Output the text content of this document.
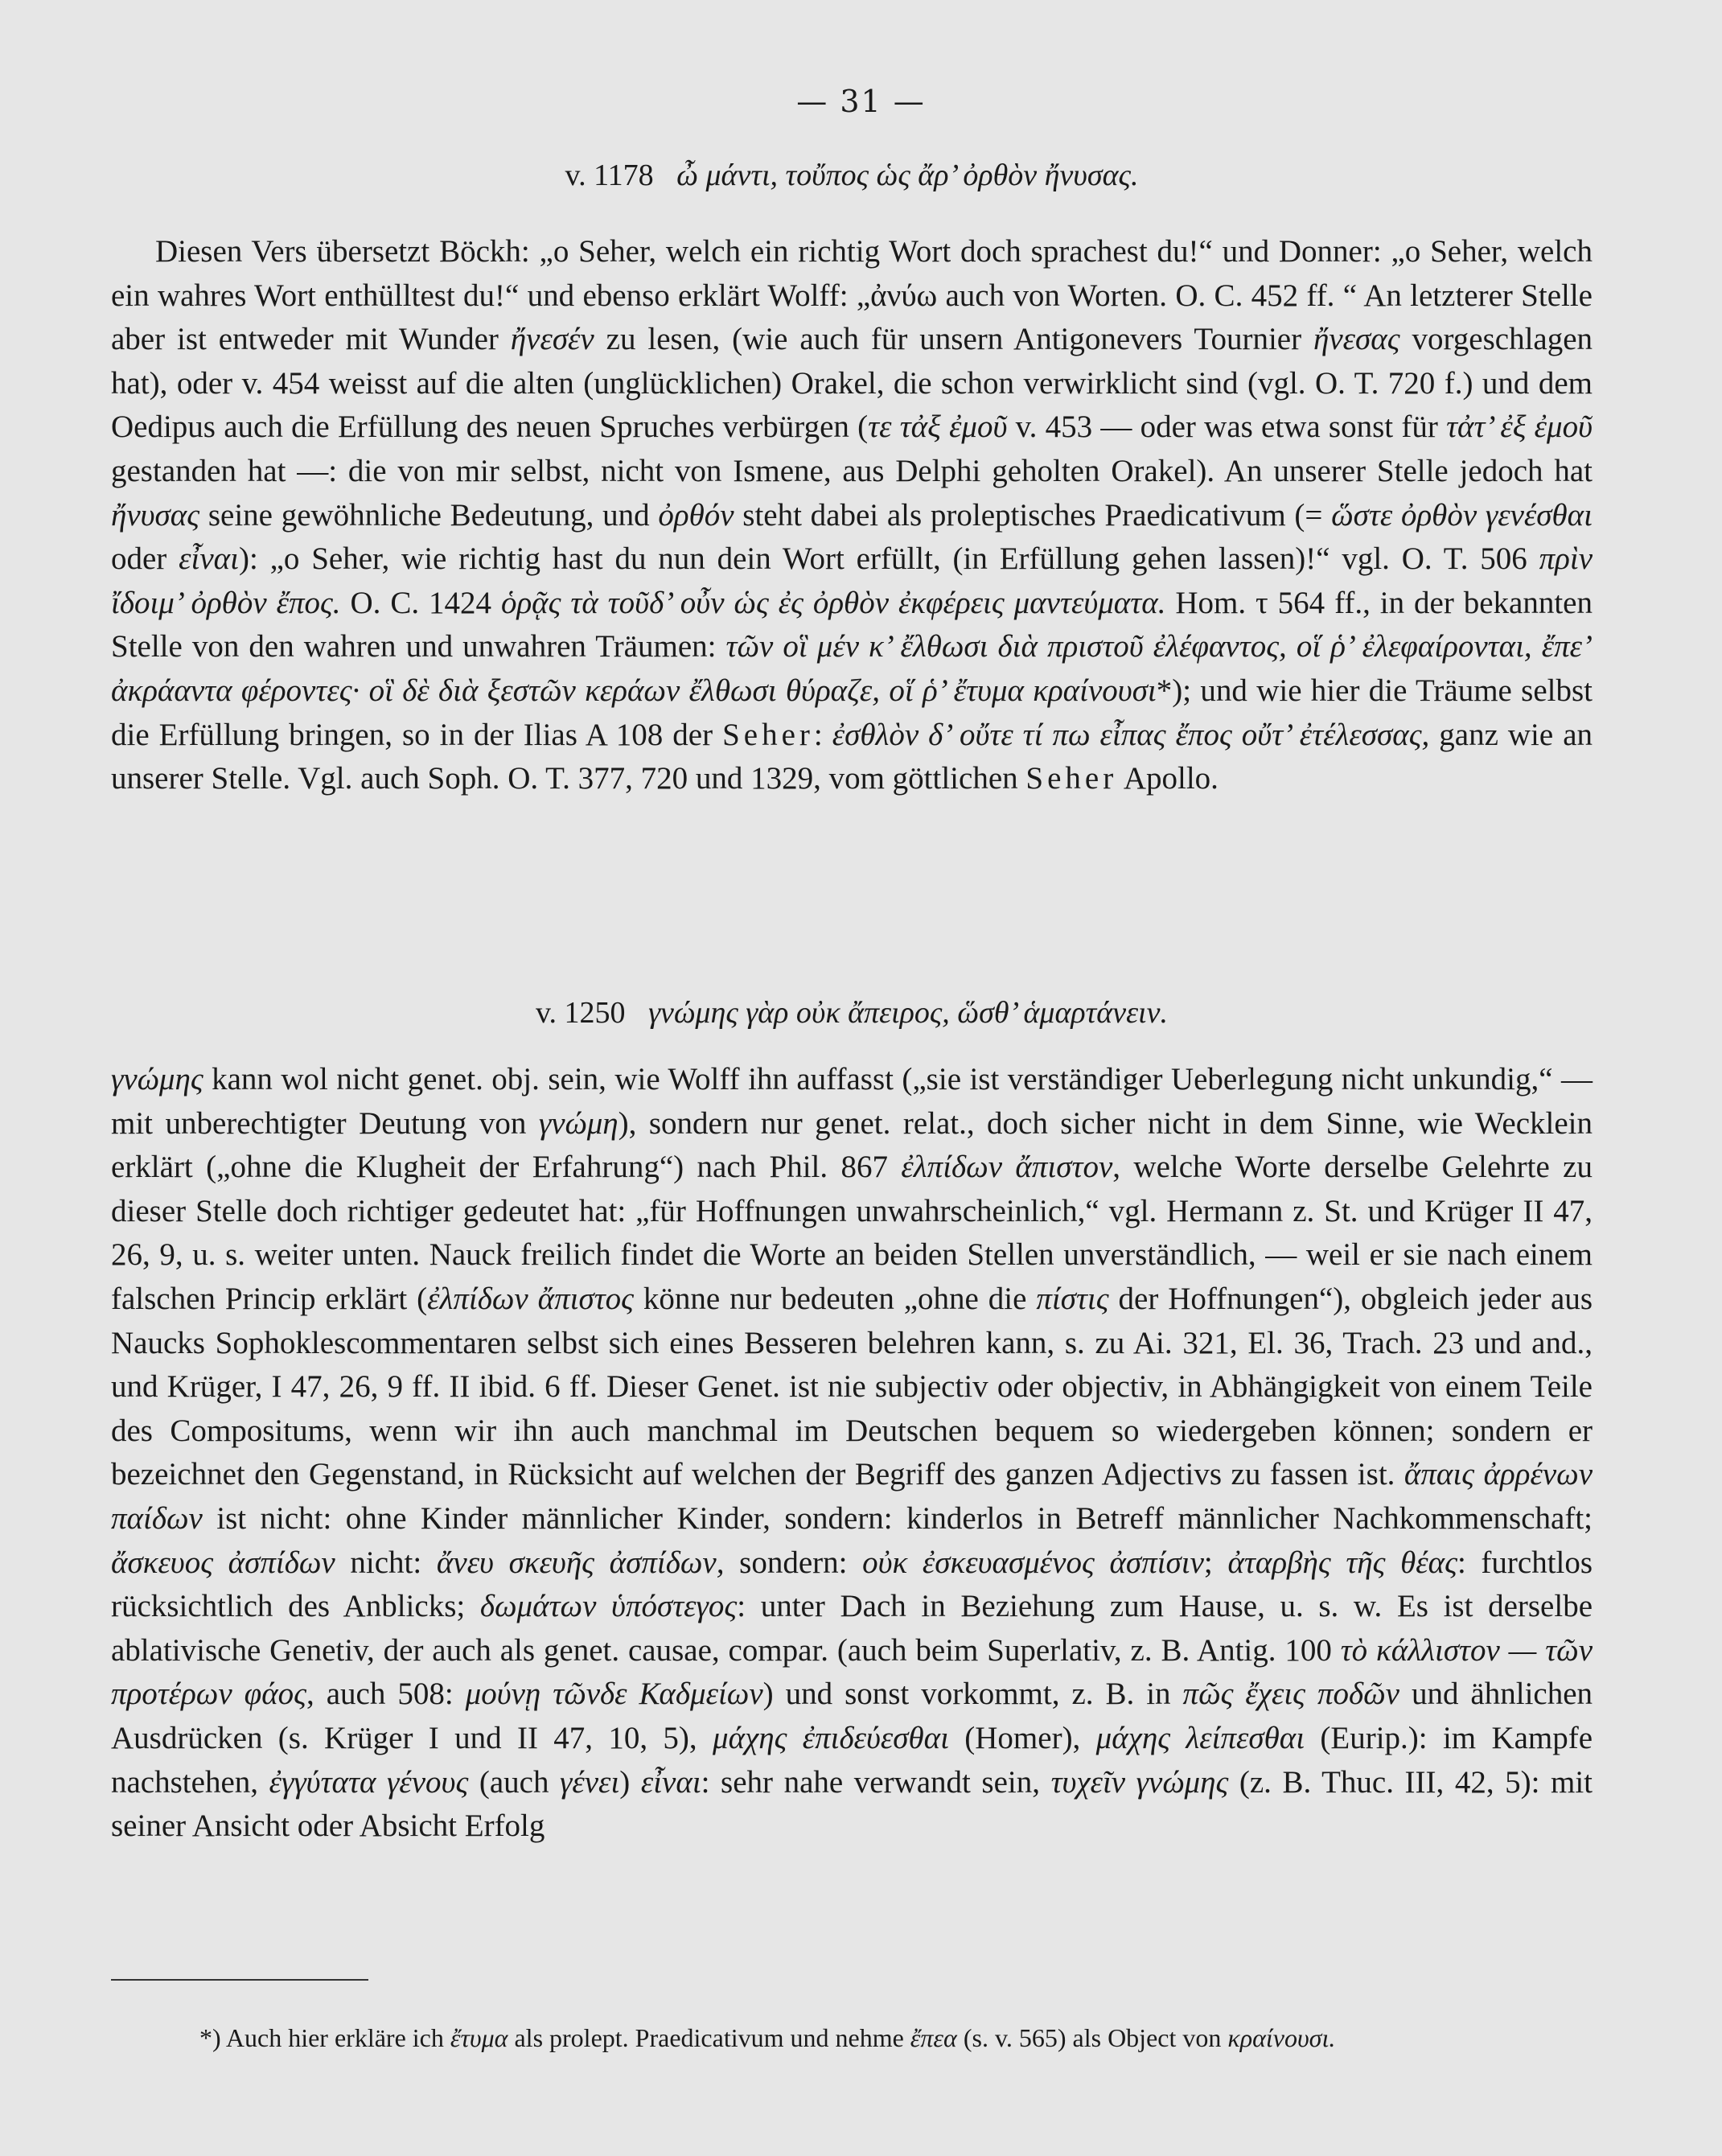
— 31 —
v. 1178 ὦ μάντι, τοὔπος ὡς ἄρ’ ὀρθὸν ἤνυσας.

Diesen Vers übersetzt Böckh: „o Seher, welch ein richtig Wort doch sprachest du!“ und Donner: „o Seher, welch ein wahres Wort enthülltest du!“ und ebenso erklärt Wolff: „ἀνύω auch von Worten. O. C. 452 ff. “ An letzterer Stelle aber ist entweder mit Wunder ἤνεσέν zu lesen, (wie auch für unsern Antigonevers Tournier ἤνεσας vorgeschlagen hat), oder v. 454 weisst auf die alten (unglücklichen) Orakel, die schon verwirklicht sind (vgl. O. T. 720 f.) und dem Oedipus auch die Erfüllung des neuen Spruches verbürgen (τε τἀξ ἐμοῦ v. 453 — oder was etwa sonst für τἀτ’ ἐξ ἐμοῦ gestanden hat —: die von mir selbst, nicht von Ismene, aus Delphi geholten Orakel). An unserer Stelle jedoch hat ἤνυσας seine gewöhnliche Bedeutung, und ὀρθόν steht dabei als proleptisches Praedicativum (= ὥστε ὀρθὸν γενέσθαι oder εἶναι): „o Seher, wie richtig hast du nun dein Wort erfüllt, (in Erfüllung gehen lassen)!“ vgl. O. T. 506 πρὶν ἴδοιμ’ ὀρθὸν ἔπος. O. C. 1424 ὁρᾷς τὰ τοῦδ’ οὖν ὡς ἐς ὀρθὸν ἐκφέρεις μαντεύματα. Hom. τ 564 ff., in der bekannten Stelle von den wahren und unwahren Träumen: τῶν οἳ μέν κ’ ἔλθωσι διὰ πριστοῦ ἐλέφαντος, οἵ ῥ’ ἐλεφαίρονται, ἔπε’ ἀκράαντα φέροντες· οἳ δὲ διὰ ξεστῶν κεράων ἔλθωσι θύραζε, οἵ ῥ’ ἔτυμα κραίνουσι*); und wie hier die Träume selbst die Erfüllung bringen, so in der Ilias A 108 der Seher: ἐσθλὸν δ’ οὔτε τί πω εἶπας ἔπος οὔτ’ ἐτέλεσσας, ganz wie an unserer Stelle. Vgl. auch Soph. O. T. 377, 720 und 1329, vom göttlichen Seher Apollo.

v. 1250 γνώμης γὰρ οὐκ ἄπειρος, ὥσθ’ ἁμαρτάνειν.

γνώμης kann wol nicht genet. obj. sein, wie Wolff ihn auffasst („sie ist verständiger Ueberlegung nicht unkundig,“ — mit unberechtigter Deutung von γνώμη), sondern nur genet. relat., doch sicher nicht in dem Sinne, wie Wecklein erklärt („ohne die Klugheit der Erfahrung“) nach Phil. 867 ἐλπίδων ἄπιστον, welche Worte derselbe Gelehrte zu dieser Stelle doch richtiger gedeutet hat: „für Hoffnungen unwahrscheinlich,“ vgl. Hermann z. St. und Krüger II 47, 26, 9, u. s. weiter unten. Nauck freilich findet die Worte an beiden Stellen unverständlich, — weil er sie nach einem falschen Princip erklärt (ἐλπίδων ἄπιστος könne nur bedeuten „ohne die πίστις der Hoffnungen“), obgleich jeder aus Naucks Sophoklescommentaren selbst sich eines Besseren belehren kann, s. zu Ai. 321, El. 36, Trach. 23 und and., und Krüger, I 47, 26, 9 ff. II ibid. 6 ff. Dieser Genet. ist nie subjectiv oder objectiv, in Abhängigkeit von einem Teile des Compositums, wenn wir ihn auch manchmal im Deutschen bequem so wiedergeben können; sondern er bezeichnet den Gegenstand, in Rücksicht auf welchen der Begriff des ganzen Adjectivs zu fassen ist. ἄπαις ἀρρένων παίδων ist nicht: ohne Kinder männlicher Kinder, sondern: kinderlos in Betreff männlicher Nachkommenschaft; ἄσκευος ἀσπίδων nicht: ἄνευ σκευῆς ἀσπίδων, sondern: οὐκ ἐσκευασμένος ἀσπίσιν; ἀταρβὴς τῆς θέας: furchtlos rücksichtlich des Anblicks; δωμάτων ὑπόστεγος: unter Dach in Beziehung zum Hause, u. s. w. Es ist derselbe ablativische Genetiv, der auch als genet. causae, compar. (auch beim Superlativ, z. B. Antig. 100 τὸ κάλλιστον — τῶν προτέρων φάος, auch 508: μούνῃ τῶνδε Καδμείων) und sonst vorkommt, z. B. in πῶς ἔχεις ποδῶν und ähnlichen Ausdrücken (s. Krüger I und II 47, 10, 5), μάχης ἐπιδεύεσθαι (Homer), μάχης λείπεσθαι (Eurip.): im Kampfe nachstehen, ἐγγύτατα γένους (auch γένει) εἶναι: sehr nahe verwandt sein, τυχεῖν γνώμης (z. B. Thuc. III, 42, 5): mit seiner Ansicht oder Absicht Erfolg

*) Auch hier erkläre ich ἔτυμα als prolept. Praedicativum und nehme ἔπεα (s. v. 565) als Object von κραίνουσι.
